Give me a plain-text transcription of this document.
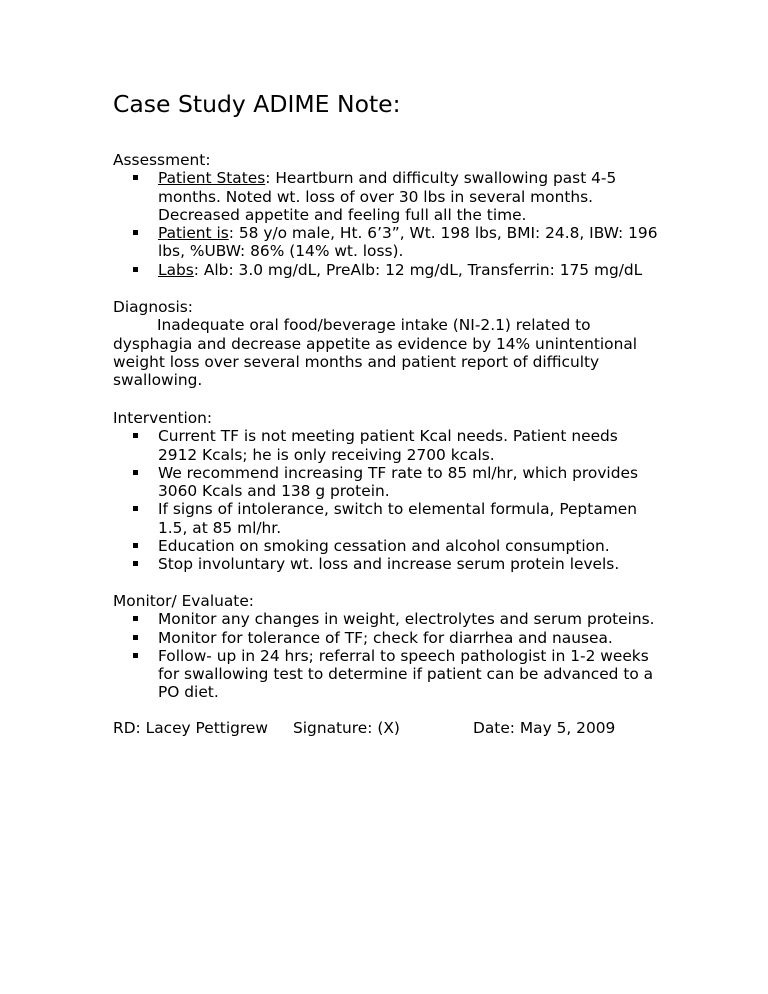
Case Study ADIME Note:

Assessment:

Patient States: Heartburn and difficulty swallowing past 4-5 months. Noted wt. loss of over 30 lbs in several months. Decreased appetite and feeling full all the time.
Patient is: 58 y/o male, Ht. 6’3”, Wt. 198 lbs, BMI: 24.8, IBW: 196 lbs, %UBW: 86% (14% wt. loss).
Labs: Alb: 3.0 mg/dL, PreAlb: 12 mg/dL, Transferrin: 175 mg/dL

Diagnosis:

Inadequate oral food/beverage intake (NI-2.1) related to dysphagia and decrease appetite as evidence by 14% unintentional weight loss over several months and patient report of difficulty swallowing.

Intervention:

Current TF is not meeting patient Kcal needs. Patient needs 2912 Kcals; he is only receiving 2700 kcals.
We recommend increasing TF rate to 85 ml/hr, which provides 3060 Kcals and 138 g protein.
If signs of intolerance, switch to elemental formula, Peptamen 1.5, at 85 ml/hr.
Education on smoking cessation and alcohol consumption.
Stop involuntary wt. loss and increase serum protein levels.

Monitor/ Evaluate:

Monitor any changes in weight, electrolytes and serum proteins.
Monitor for tolerance of TF; check for diarrhea and nausea.
Follow- up in 24 hrs; referral to speech pathologist in 1-2 weeks for swallowing test to determine if patient can be advanced to a PO diet.
RD: Lacey Pettigrew Signature: (X)	Date: May 5, 2009
